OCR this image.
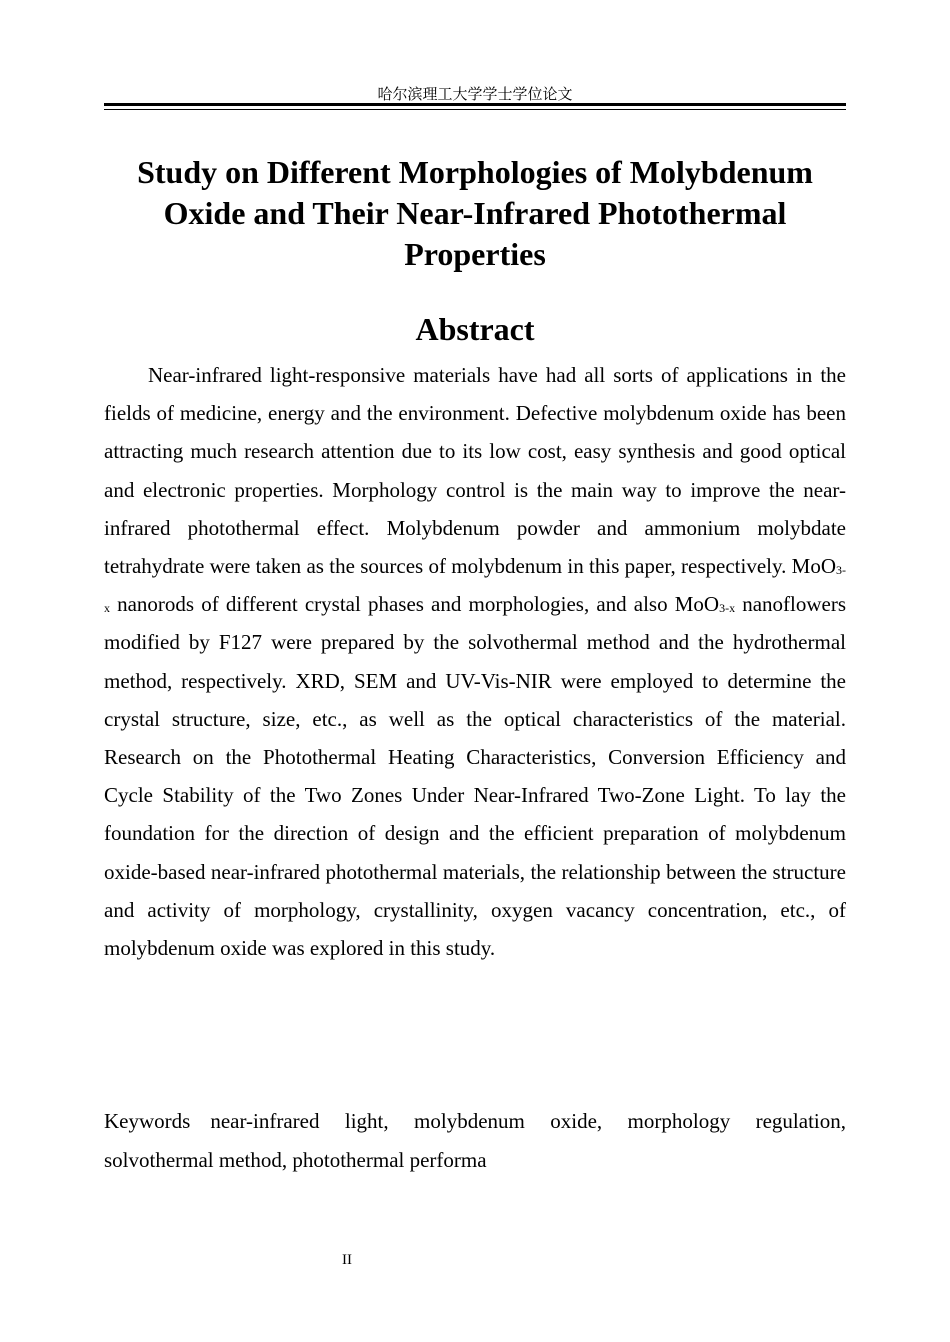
哈尔滨理工大学学士学位论文
Study on Different Morphologies of Molybdenum Oxide and Their Near-Infrared Photothermal Properties
Abstract

Near-infrared light-responsive materials have had all sorts of applications in the fields of medicine, energy and the environment. Defective molybdenum oxide has been attracting much research attention due to its low cost, easy synthesis and good optical and electronic properties. Morphology control is the main way to improve the near-infrared photothermal effect. Molybdenum powder and ammonium molybdate tetrahydrate were taken as the sources of molybdenum in this paper, respectively. MoO3-x nanorods of different crystal phases and morphologies, and also MoO3-x nanoflowers modified by F127 were prepared by the solvothermal method and the hydrothermal method, respectively. XRD, SEM and UV-Vis-NIR were employed to determine the crystal structure, size, etc., as well as the optical characteristics of the material. Research on the Photothermal Heating Characteristics, Conversion Efficiency and Cycle Stability of the Two Zones Under Near-Infrared Two-Zone Light. To lay the foundation for the direction of design and the efficient preparation of molybdenum oxide-based near-infrared photothermal materials, the relationship between the structure and activity of morphology, crystallinity, oxygen vacancy concentration, etc., of molybdenum oxide was explored in this study.

Keywords near-infrared light, molybdenum oxide, morphology regulation, solvothermal method, photothermal performa

II
